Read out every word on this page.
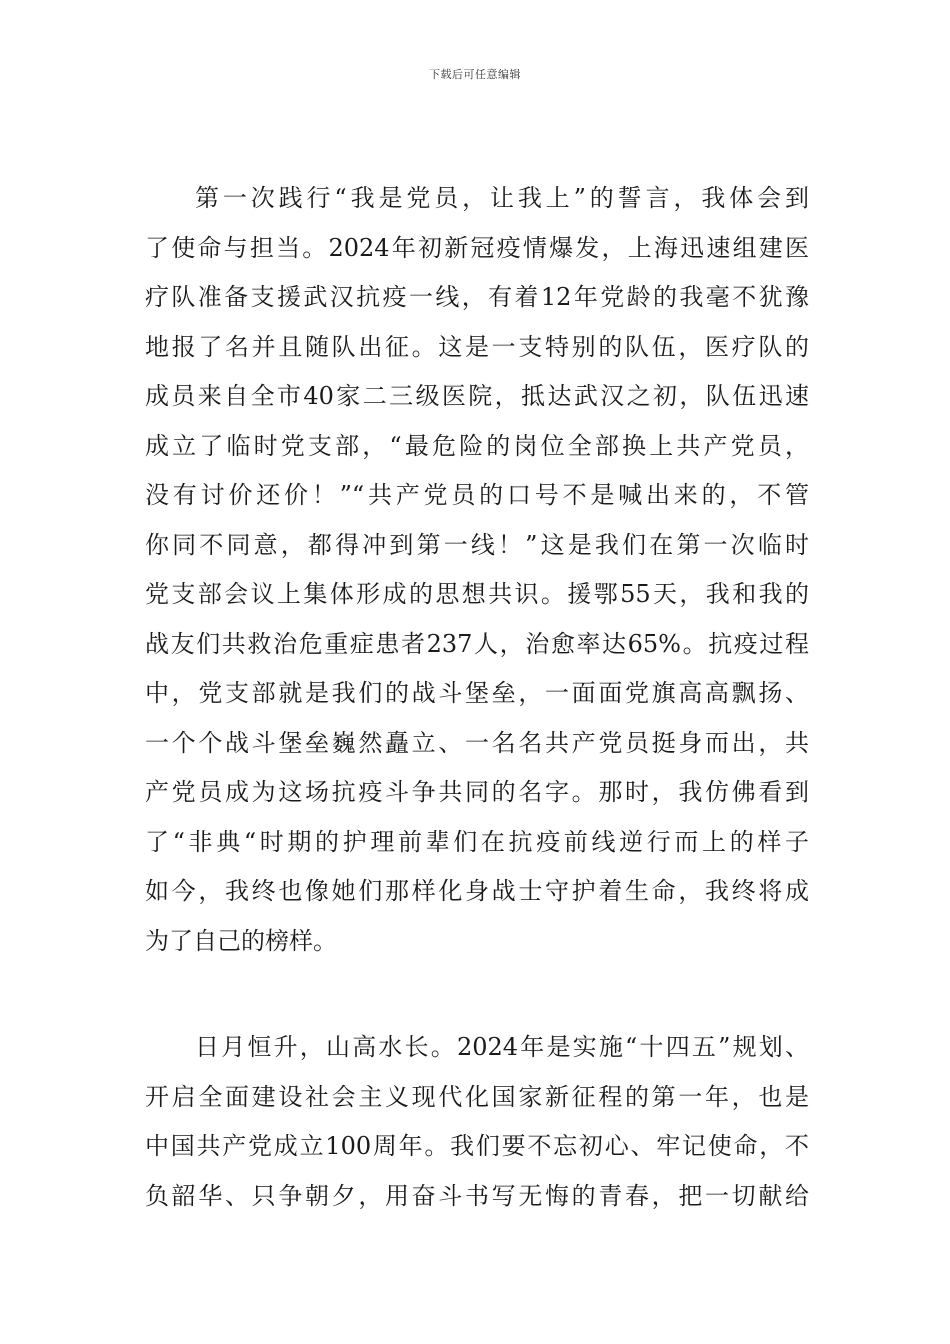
下载后可任意编辑
第一次践行“我是党员，让我上”的誓言，我体会到
了使命与担当。2024年初新冠疫情爆发，上海迅速组建医
疗队准备支援武汉抗疫一线，有着12年党龄的我毫不犹豫
地报了名并且随队出征。这是一支特别的队伍，医疗队的
成员来自全市40家二三级医院，抵达武汉之初，队伍迅速
成立了临时党支部，“最危险的岗位全部换上共产党员，
没有讨价还价！”“共产党员的口号不是喊出来的，不管
你同不同意，都得冲到第一线！”这是我们在第一次临时
党支部会议上集体形成的思想共识。援鄂55天，我和我的
战友们共救治危重症患者237人，治愈率达65%。抗疫过程
中，党支部就是我们的战斗堡垒，一面面党旗高高飘扬、
一个个战斗堡垒巍然矗立、一名名共产党员挺身而出，共
产党员成为这场抗疫斗争共同的名字。那时，我仿佛看到
了“非典“时期的护理前辈们在抗疫前线逆行而上的样子
如今，我终也像她们那样化身战士守护着生命，我终将成
为了自己的榜样。
日月恒升，山高水长。2024年是实施“十四五”规划、
开启全面建设社会主义现代化国家新征程的第一年，也是
中国共产党成立100周年。我们要不忘初心、牢记使命，不
负韶华、只争朝夕，用奋斗书写无悔的青春，把一切献给
